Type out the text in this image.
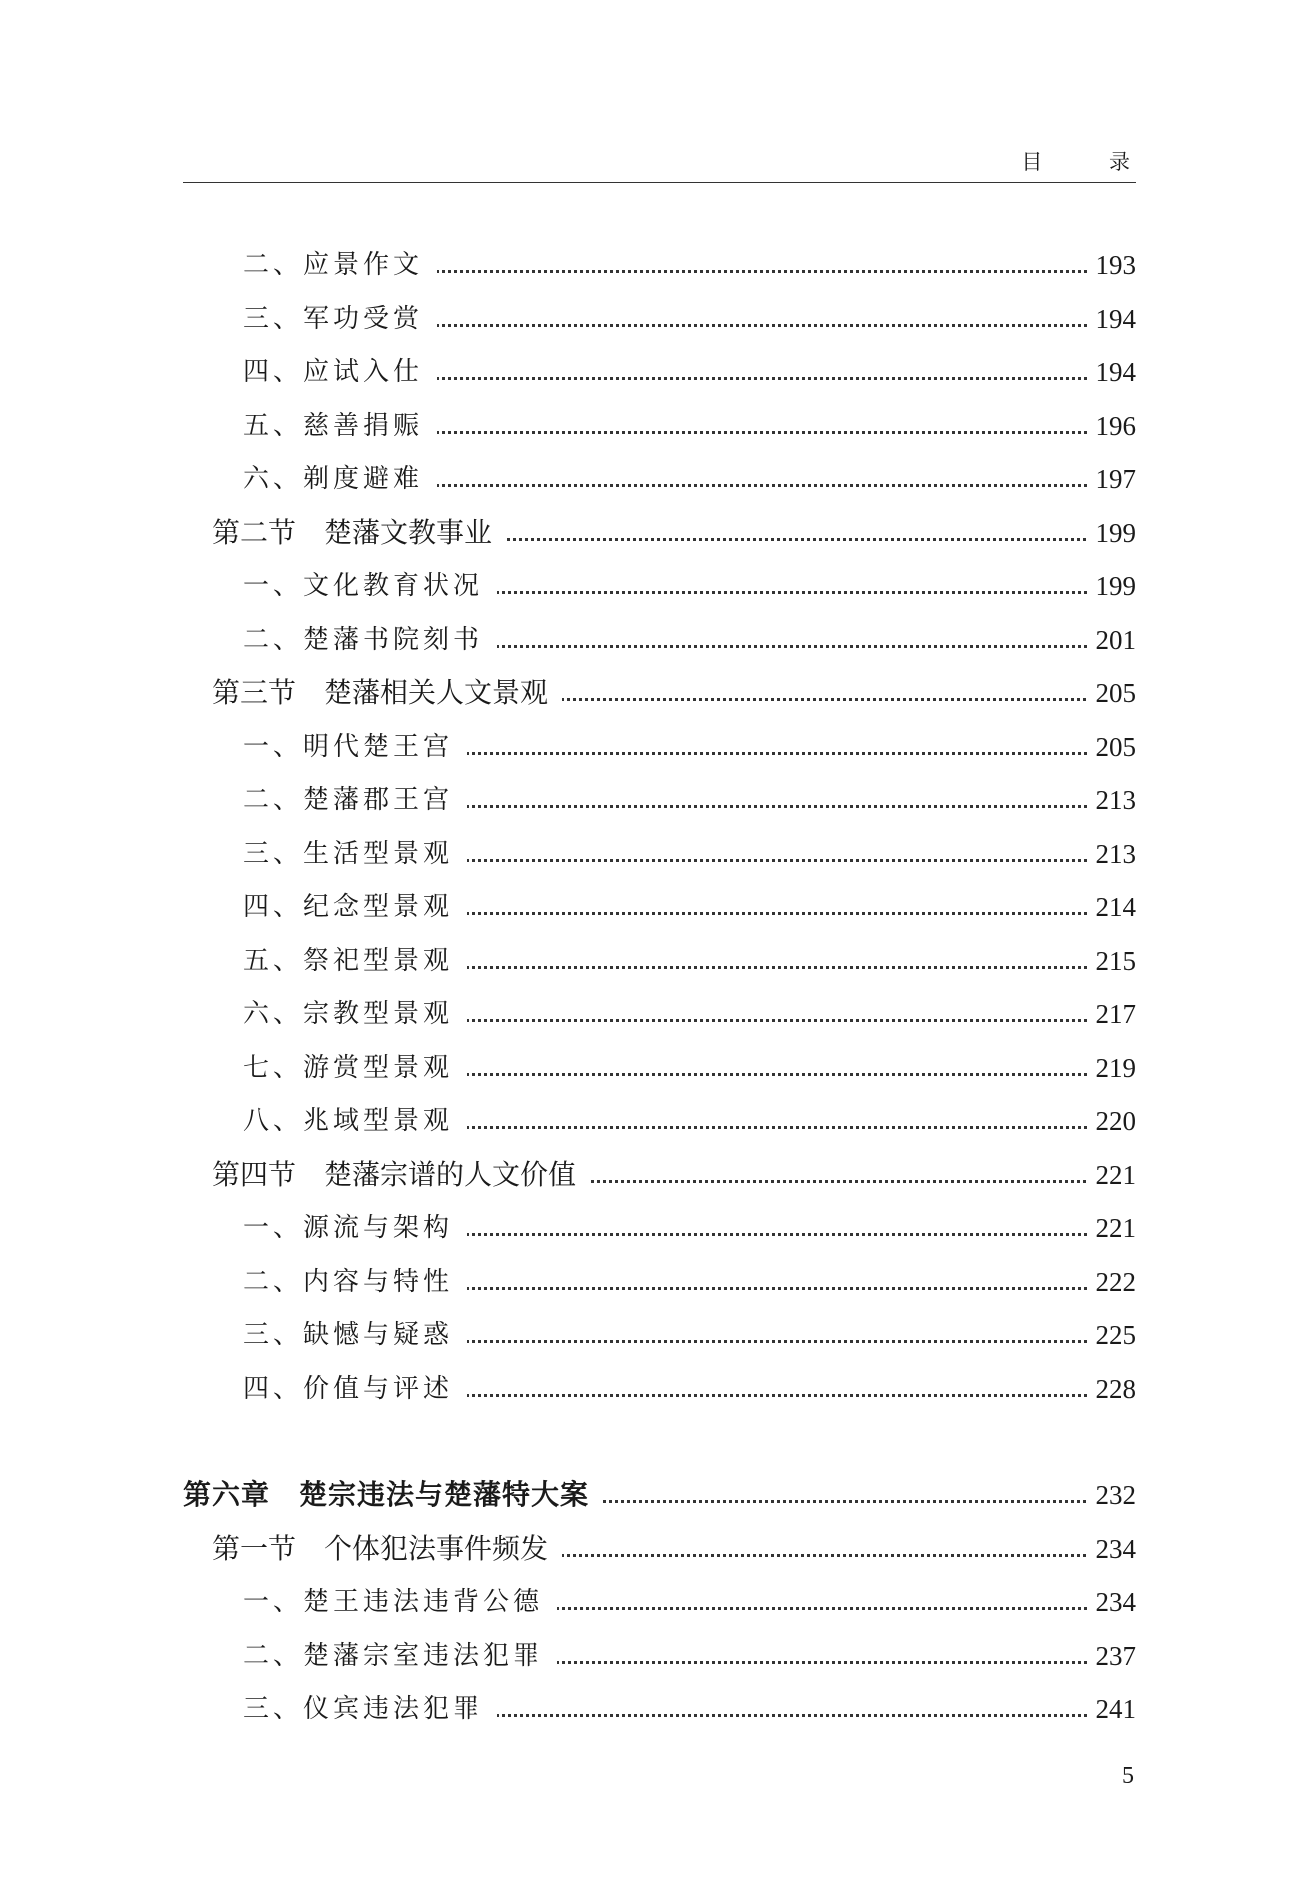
目 录
二、应景作文	193
三、军功受赏	194
四、应试入仕	194
五、慈善捐赈	196
六、剃度避难	197
第二节　楚藩文教事业	199
一、文化教育状况	199
二、楚藩书院刻书	201
第三节　楚藩相关人文景观	205
一、明代楚王宫	205
二、楚藩郡王宫	213
三、生活型景观	213
四、纪念型景观	214
五、祭祀型景观	215
六、宗教型景观	217
七、游赏型景观	219
八、兆域型景观	220
第四节　楚藩宗谱的人文价值	221
一、源流与架构	221
二、内容与特性	222
三、缺憾与疑惑	225
四、价值与评述	228
第六章　楚宗违法与楚藩特大案	232
第一节　个体犯法事件频发	234
一、楚王违法违背公德	234
二、楚藩宗室违法犯罪	237
三、仪宾违法犯罪	241
5
